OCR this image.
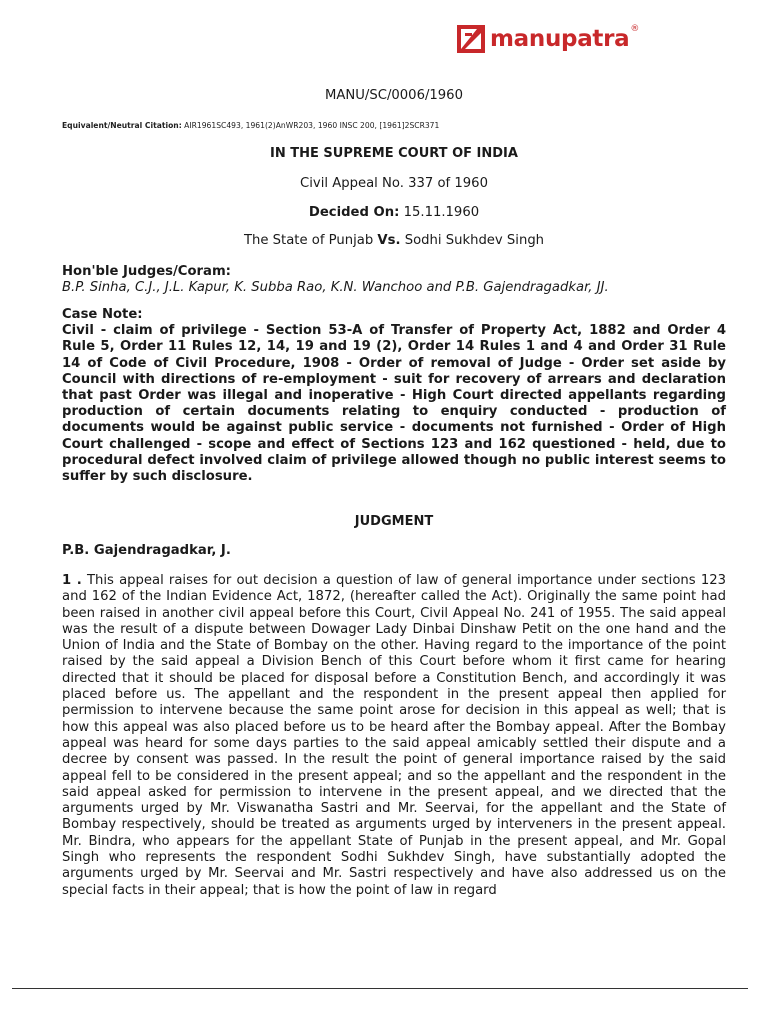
manupatra ®
MANU/SC/0006/1960
Equivalent/Neutral Citation: AIR1961SC493, 1961(2)AnWR203, 1960 INSC 200, [1961]2SCR371
IN THE SUPREME COURT OF INDIA
Civil Appeal No. 337 of 1960
Decided On: 15.11.1960
The State of Punjab Vs. Sodhi Sukhdev Singh
Hon'ble Judges/Coram:
B.P. Sinha, C.J., J.L. Kapur, K. Subba Rao, K.N. Wanchoo and P.B. Gajendragadkar, JJ.
Case Note:
Civil - claim of privilege - Section 53-A of Transfer of Property Act, 1882 and Order 4 Rule 5, Order 11 Rules 12, 14, 19 and 19 (2), Order 14 Rules 1 and 4 and Order 31 Rule 14 of Code of Civil Procedure, 1908 - Order of removal of Judge - Order set aside by Council with directions of re-employment - suit for recovery of arrears and declaration that past Order was illegal and inoperative - High Court directed appellants regarding production of certain documents relating to enquiry conducted - production of documents would be against public service - documents not furnished - Order of High Court challenged - scope and effect of Sections 123 and 162 questioned - held, due to procedural defect involved claim of privilege allowed though no public interest seems to suffer by such disclosure.
JUDGMENT
P.B. Gajendragadkar, J.
1 . This appeal raises for out decision a question of law of general importance under sections 123 and 162 of the Indian Evidence Act, 1872, (hereafter called the Act). Originally the same point had been raised in another civil appeal before this Court, Civil Appeal No. 241 of 1955. The said appeal was the result of a dispute between Dowager Lady Dinbai Dinshaw Petit on the one hand and the Union of India and the State of Bombay on the other. Having regard to the importance of the point raised by the said appeal a Division Bench of this Court before whom it first came for hearing directed that it should be placed for disposal before a Constitution Bench, and accordingly it was placed before us. The appellant and the respondent in the present appeal then applied for permission to intervene because the same point arose for decision in this appeal as well; that is how this appeal was also placed before us to be heard after the Bombay appeal. After the Bombay appeal was heard for some days parties to the said appeal amicably settled their dispute and a decree by consent was passed. In the result the point of general importance raised by the said appeal fell to be considered in the present appeal; and so the appellant and the respondent in the said appeal asked for permission to intervene in the present appeal, and we directed that the arguments urged by Mr. Viswanatha Sastri and Mr. Seervai, for the appellant and the State of Bombay respectively, should be treated as arguments urged by interveners in the present appeal. Mr. Bindra, who appears for the appellant State of Punjab in the present appeal, and Mr. Gopal Singh who represents the respondent Sodhi Sukhdev Singh, have substantially adopted the arguments urged by Mr. Seervai and Mr. Sastri respectively and have also addressed us on the special facts in their appeal; that is how the point of law in regard
